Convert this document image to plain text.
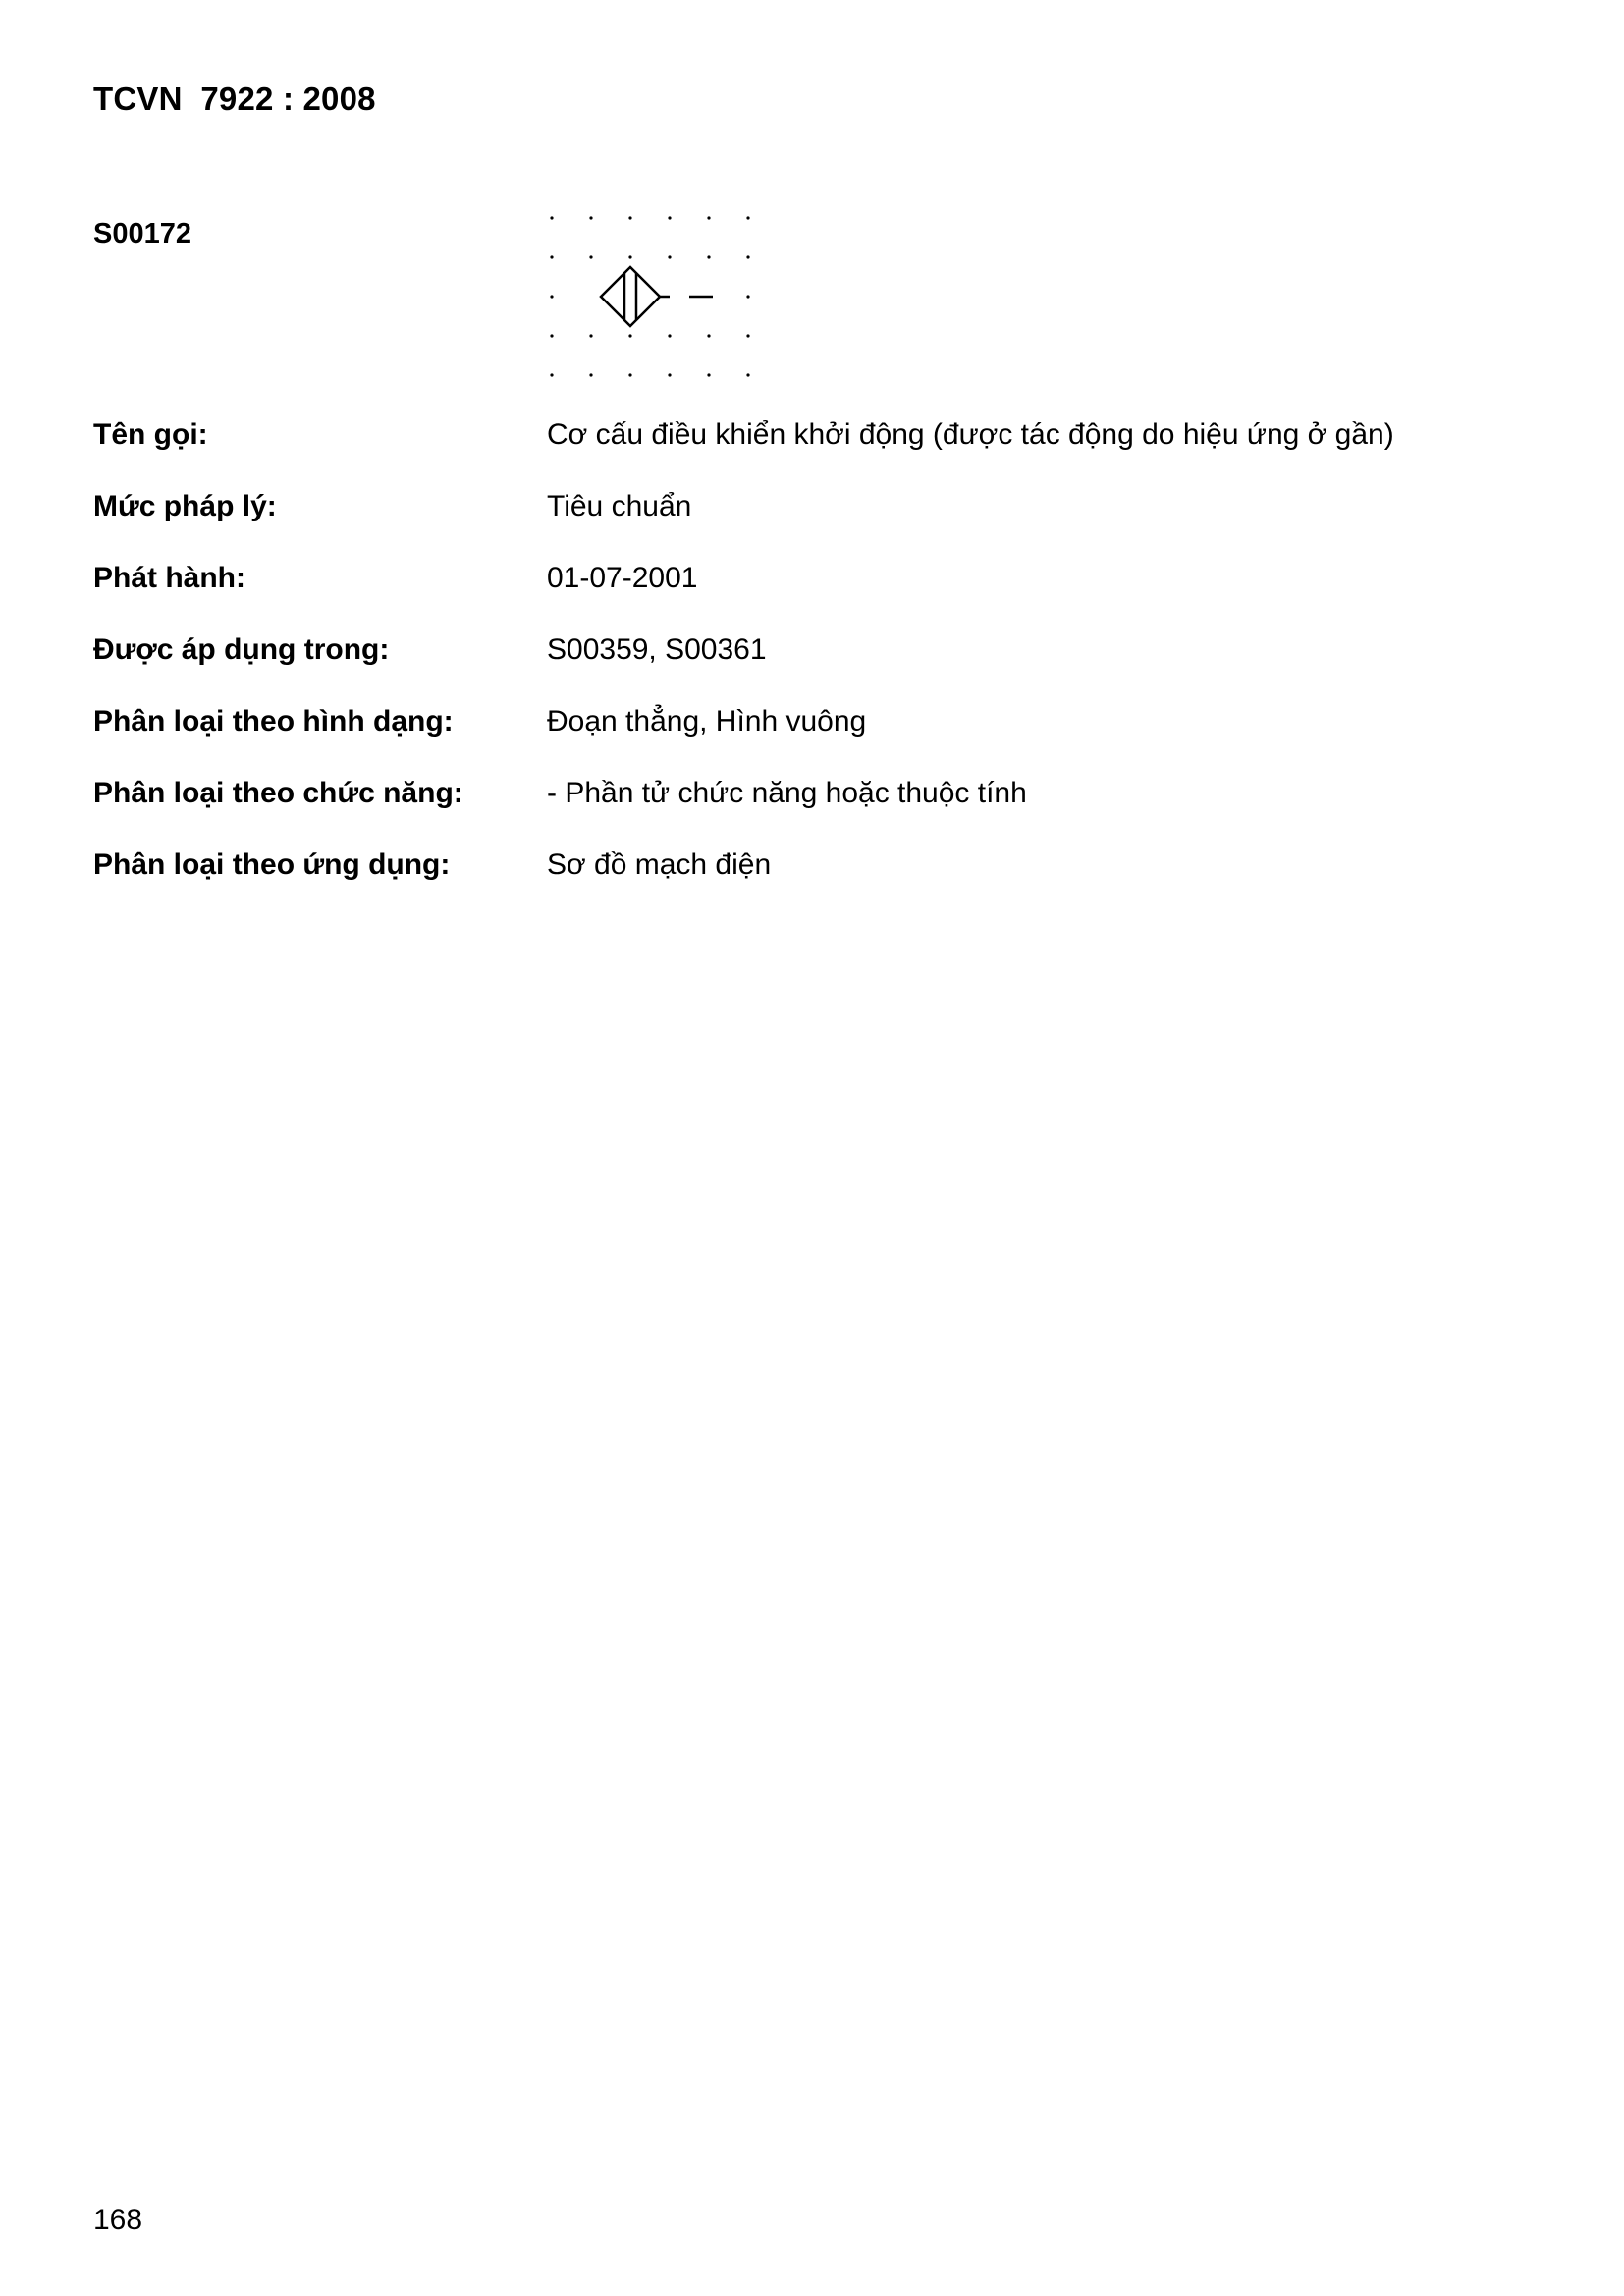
TCVN  7922 : 2008
S00172
Tên gọi:	Cơ cấu điều khiển khởi động (được tác động do hiệu ứng ở gần)
Mức pháp lý:	Tiêu chuẩn
Phát hành:	01-07-2001
Được áp dụng trong:	S00359, S00361
Phân loại theo hình dạng:	Đoạn thẳng, Hình vuông
Phân loại theo chức năng:	- Phần tử chức năng hoặc thuộc tính
Phân loại theo ứng dụng:	Sơ đồ mạch điện
168
